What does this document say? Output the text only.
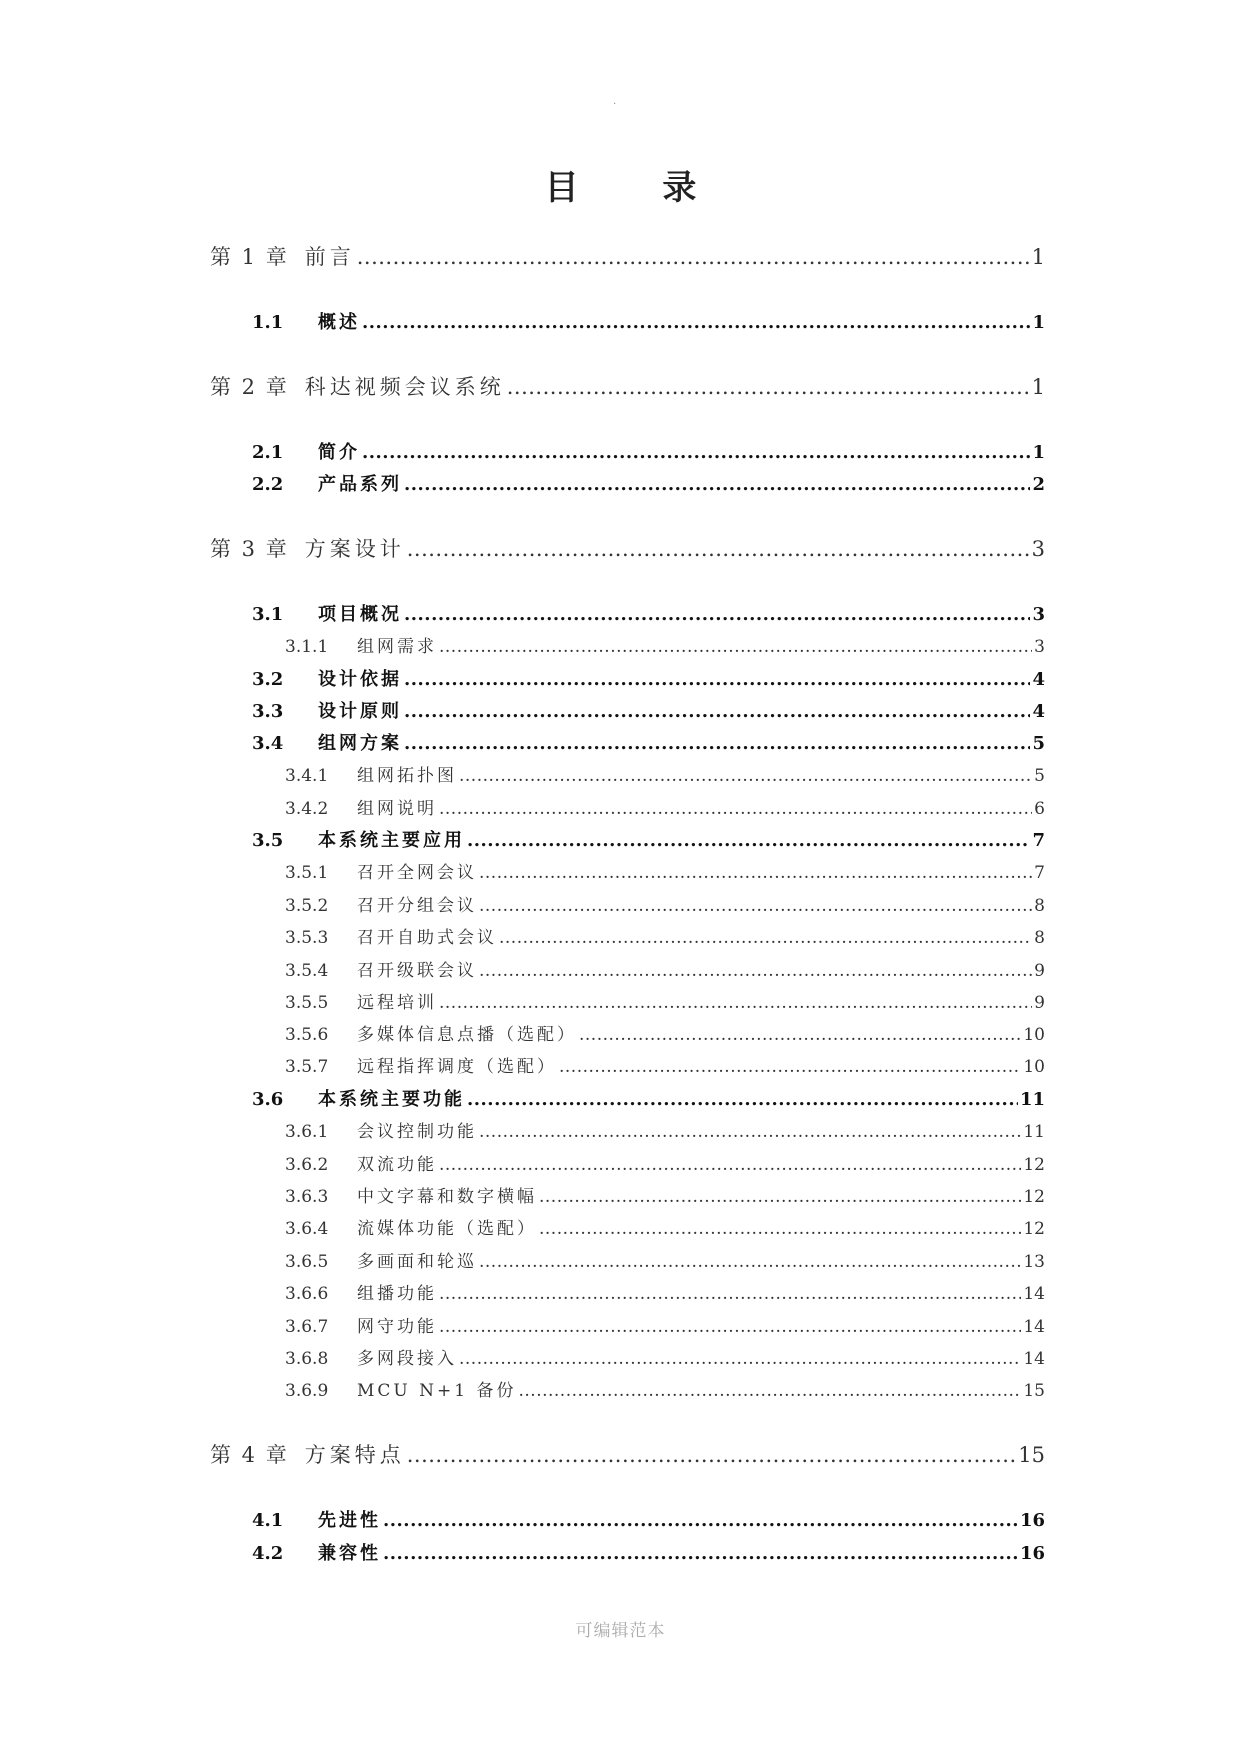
.
目 录
第 1 章 前言 .....	1
1.1	概述 .....	1
第 2 章 科达视频会议系统 .....	1
2.1	简介 .....	1
2.2	产品系列 .....	2
第 3 章 方案设计 .....	3
3.1	项目概况 .....	3
3.1.1	组网需求 .....	3
3.2	设计依据 .....	4
3.3	设计原则 .....	4
3.4	组网方案 .....	5
3.4.1	组网拓扑图 .....	5
3.4.2	组网说明 .....	6
3.5	本系统主要应用 .....	7
3.5.1	召开全网会议 .....	7
3.5.2	召开分组会议 .....	8
3.5.3	召开自助式会议 .....	8
3.5.4	召开级联会议 .....	9
3.5.5	远程培训 .....	9
3.5.6	多媒体信息点播（选配） .....	10
3.5.7	远程指挥调度（选配） .....	10
3.6	本系统主要功能 .....	11
3.6.1	会议控制功能 .....	11
3.6.2	双流功能 .....	12
3.6.3	中文字幕和数字横幅 .....	12
3.6.4	流媒体功能（选配） .....	12
3.6.5	多画面和轮巡 .....	13
3.6.6	组播功能 .....	14
3.6.7	网守功能 .....	14
3.6.8	多网段接入 .....	14
3.6.9	MCU N+1 备份 .....	15
第 4 章 方案特点 .....	15
4.1	先进性 .....	16
4.2	兼容性 .....	16
可编辑范本
